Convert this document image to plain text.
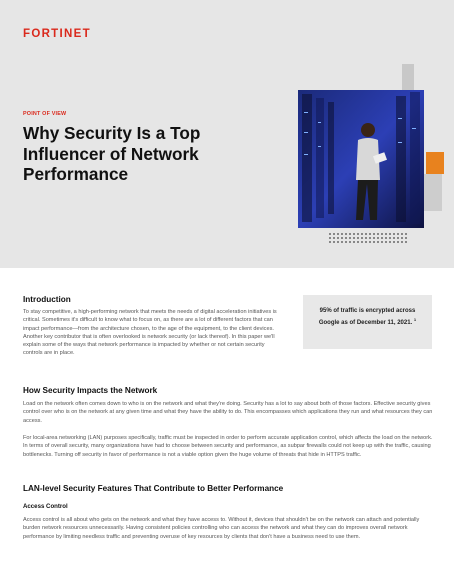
FORTINET
POINT OF VIEW
Why Security Is a Top Influencer of Network Performance
Introduction

To stay competitive, a high-performing network that meets the needs of digital acceleration initiatives is critical. Sometimes it's difficult to know what to focus on, as there are a lot of different factors that can impact performance—from the architecture chosen, to the age of the equipment, to the client devices. Another key contributor that is often overlooked is network security (or lack thereof). In this paper we'll explain some of the ways that network performance is impacted by whether or not certain security controls are in place.

95% of traffic is encrypted across Google as of December 11, 2021. $^1$
How Security Impacts the Network

Load on the network often comes down to who is on the network and what they're doing. Security has a lot to say about both of those factors. Effective security gives control over who is on the network at any given time and what they have the ability to do. This encompasses which applications they run and what resources they can access.

For local-area networking (LAN) purposes specifically, traffic must be inspected in order to perform accurate application control, which affects the load on the network. In terms of overall security, many organizations have had to choose between security and performance, as subpar firewalls could not keep up with the traffic, causing bottlenecks. Turning off security in favor of performance is not a viable option given the huge volume of threats that hide in HTTPS traffic.

LAN-level Security Features That Contribute to Better Performance
Access Control

Access control is all about who gets on the network and what they have access to. Without it, devices that shouldn't be on the network can attach and potentially burden network resources unnecessarily. Having consistent policies controlling who can access the network and what they can do improves overall network performance by limiting needless traffic and preventing overuse of key resources by clients that don't have a business need to use them.
